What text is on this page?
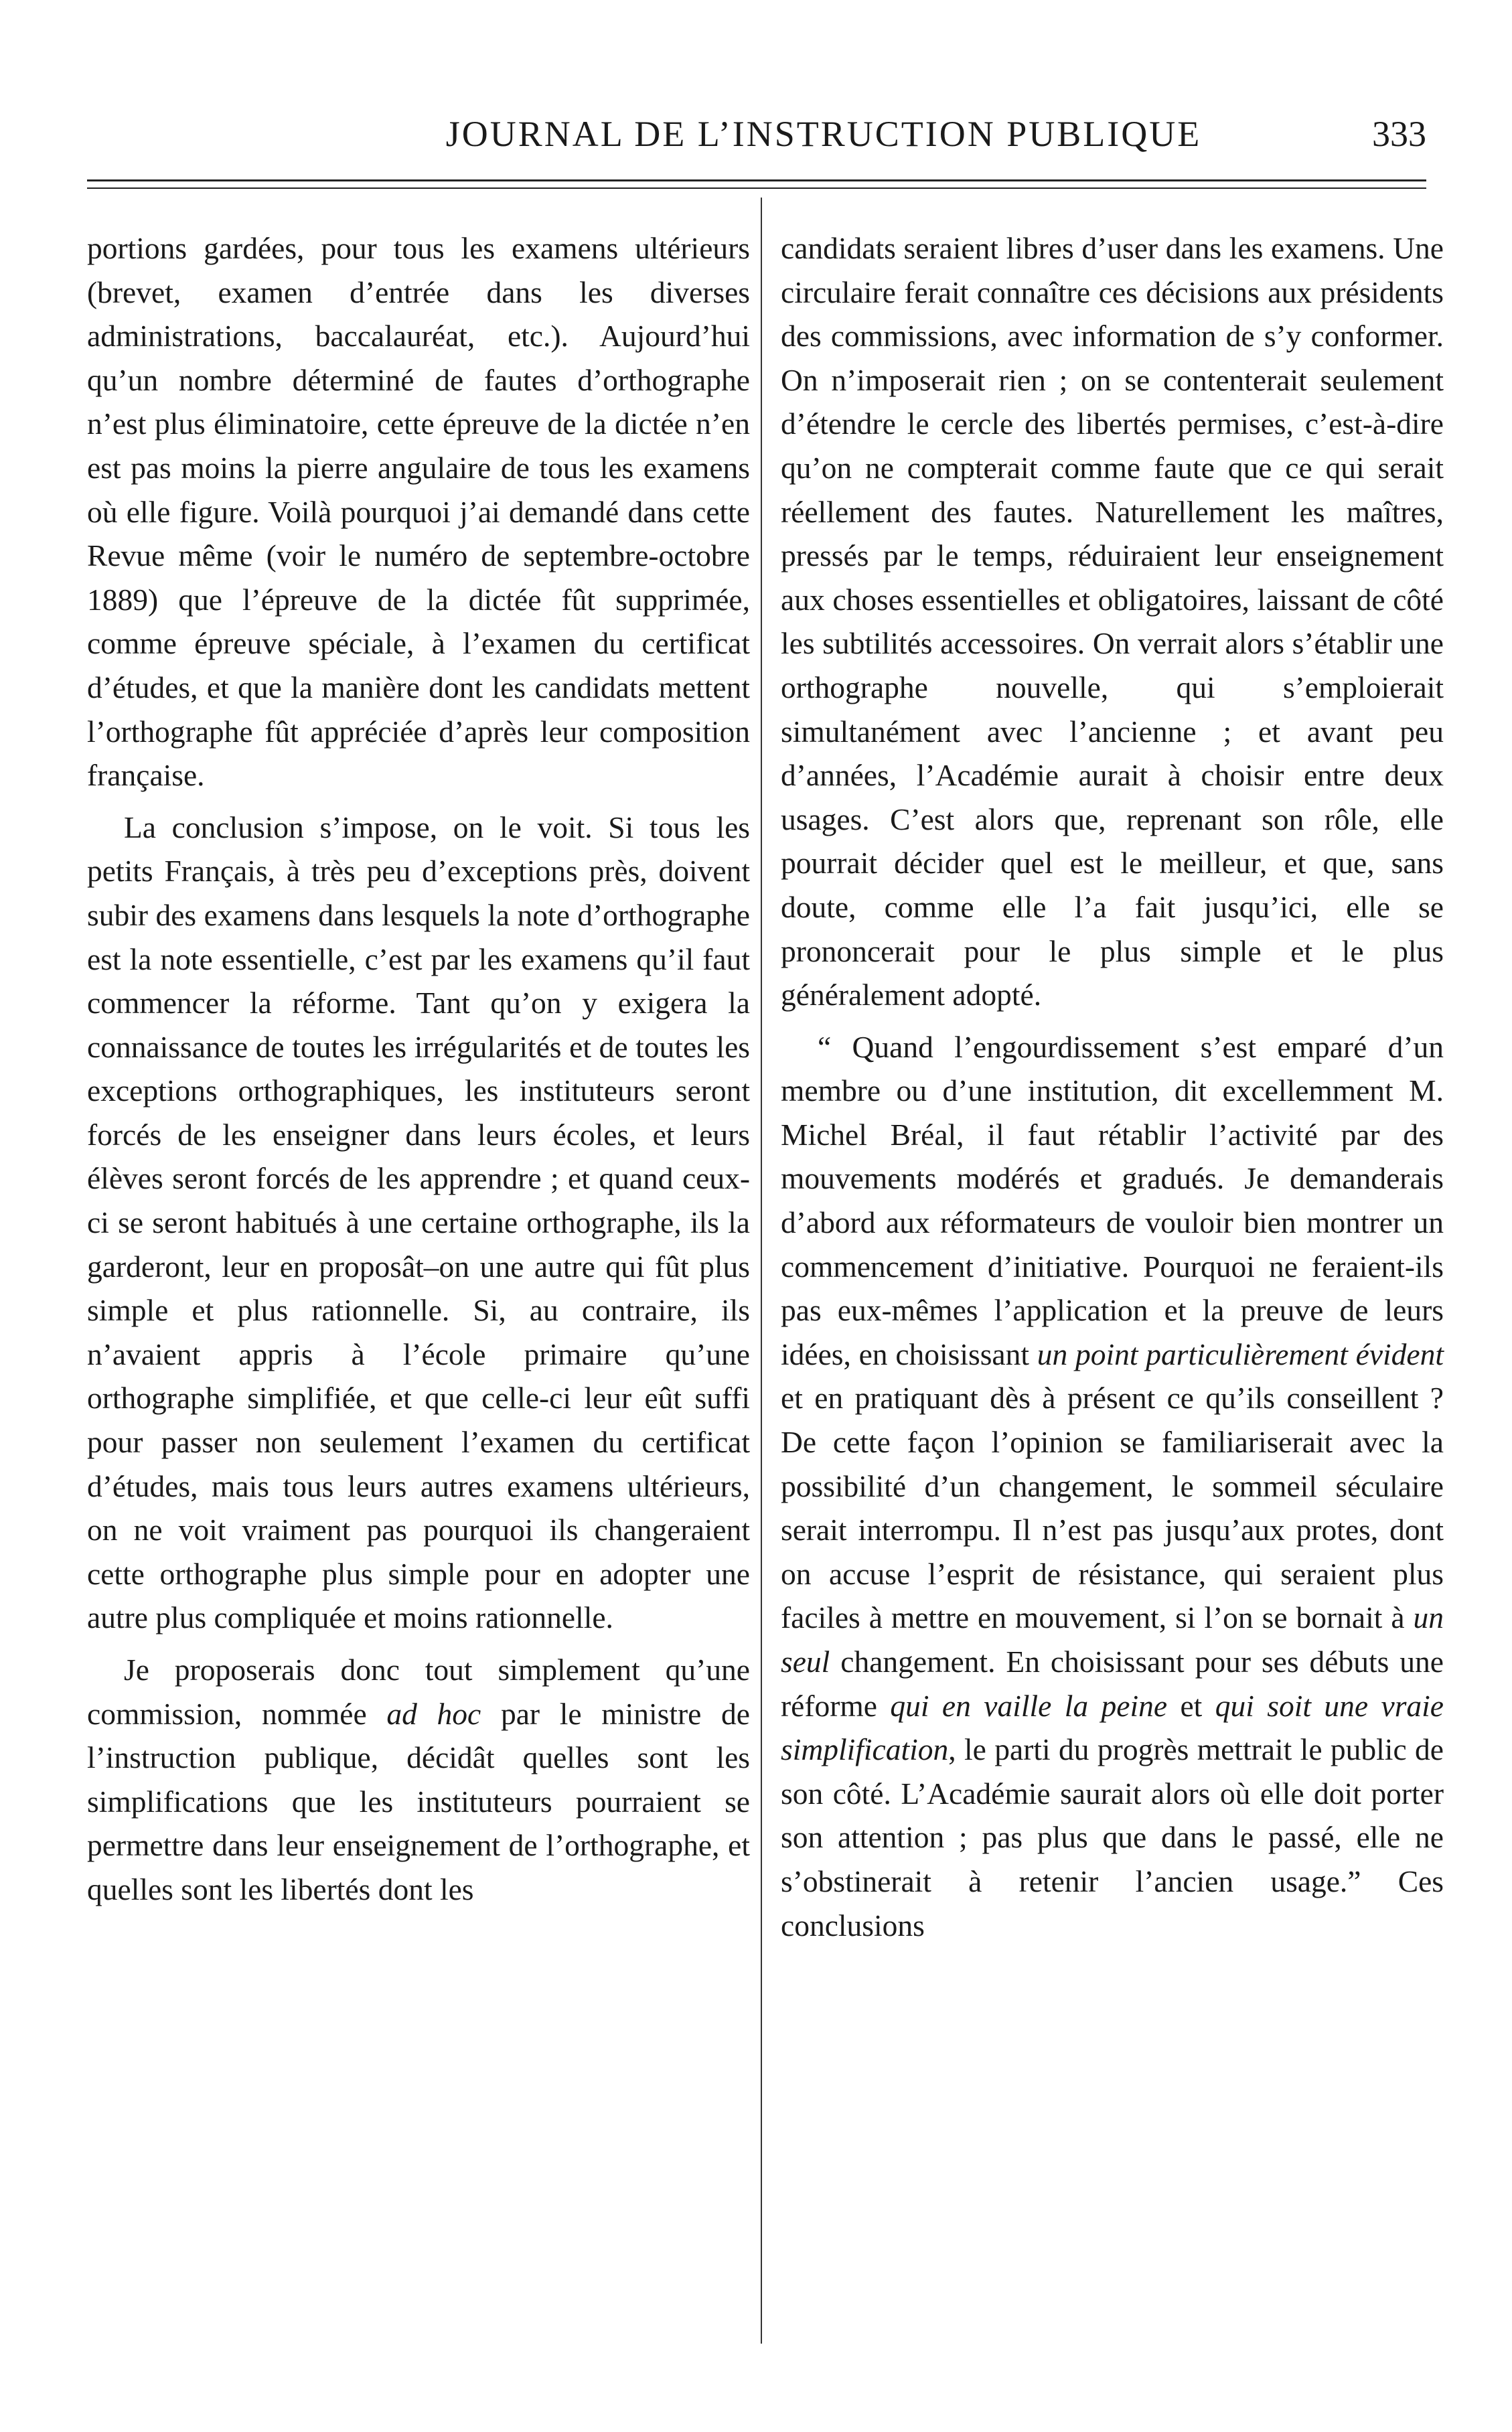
JOURNAL DE L’INSTRUCTION PUBLIQUE	333

portions gardées, pour tous les examens ultérieurs (brevet, examen d’entrée dans les diverses administrations, baccalauréat, etc.). Aujourd’hui qu’un nombre déterminé de fautes d’orthographe n’est plus éliminatoire, cette épreuve de la dictée n’en est pas moins la pierre angulaire de tous les examens où elle figure. Voilà pourquoi j’ai demandé dans cette Revue même (voir le numéro de septembre-octobre 1889) que l’épreuve de la dictée fût supprimée, comme épreuve spéciale, à l’examen du certificat d’études, et que la manière dont les candidats mettent l’orthographe fût appréciée d’après leur composition française.

La conclusion s’impose, on le voit. Si tous les petits Français, à très peu d’exceptions près, doivent subir des examens dans lesquels la note d’orthographe est la note essentielle, c’est par les examens qu’il faut commencer la réforme. Tant qu’on y exigera la connaissance de toutes les irrégularités et de toutes les exceptions orthographiques, les instituteurs seront forcés de les enseigner dans leurs écoles, et leurs élèves seront forcés de les apprendre ; et quand ceux-ci se seront habitués à une certaine orthographe, ils la garderont, leur en proposât–on une autre qui fût plus simple et plus rationnelle. Si, au contraire, ils n’avaient appris à l’école primaire qu’une orthographe simplifiée, et que celle-ci leur eût suffi pour passer non seulement l’examen du certificat d’études, mais tous leurs autres examens ultérieurs, on ne voit vraiment pas pourquoi ils changeraient cette orthographe plus simple pour en adopter une autre plus compliquée et moins rationnelle.

Je proposerais donc tout simplement qu’une commission, nommée ad hoc par le ministre de l’instruction publique, décidât quelles sont les simplifications que les instituteurs pourraient se permettre dans leur enseignement de l’orthographe, et quelles sont les libertés dont les

candidats seraient libres d’user dans les examens. Une circulaire ferait connaître ces décisions aux présidents des commissions, avec information de s’y conformer. On n’imposerait rien ; on se contenterait seulement d’étendre le cercle des libertés permises, c’est-à-dire qu’on ne compterait comme faute que ce qui serait réellement des fautes. Naturellement les maîtres, pressés par le temps, réduiraient leur enseignement aux choses essentielles et obligatoires, laissant de côté les subtilités accessoires. On verrait alors s’établir une orthographe nouvelle, qui s’emploierait simultanément avec l’ancienne ; et avant peu d’années, l’Académie aurait à choisir entre deux usages. C’est alors que, reprenant son rôle, elle pourrait décider quel est le meilleur, et que, sans doute, comme elle l’a fait jusqu’ici, elle se prononcerait pour le plus simple et le plus généralement adopté.

“ Quand l’engourdissement s’est emparé d’un membre ou d’une institution, dit excellemment M. Michel Bréal, il faut rétablir l’activité par des mouvements modérés et gradués. Je demanderais d’abord aux réformateurs de vouloir bien montrer un commencement d’initiative. Pourquoi ne feraient-ils pas eux-mêmes l’application et la preuve de leurs idées, en choisissant un point particulièrement évident et en pratiquant dès à présent ce qu’ils conseillent ? De cette façon l’opinion se familiariserait avec la possibilité d’un changement, le sommeil séculaire serait interrompu. Il n’est pas jusqu’aux protes, dont on accuse l’esprit de résistance, qui seraient plus faciles à mettre en mouvement, si l’on se bornait à un seul changement. En choisissant pour ses débuts une réforme qui en vaille la peine et qui soit une vraie simplification, le parti du progrès mettrait le public de son côté. L’Académie saurait alors où elle doit porter son attention ; pas plus que dans le passé, elle ne s’obstinerait à retenir l’ancien usage.” Ces conclusions
